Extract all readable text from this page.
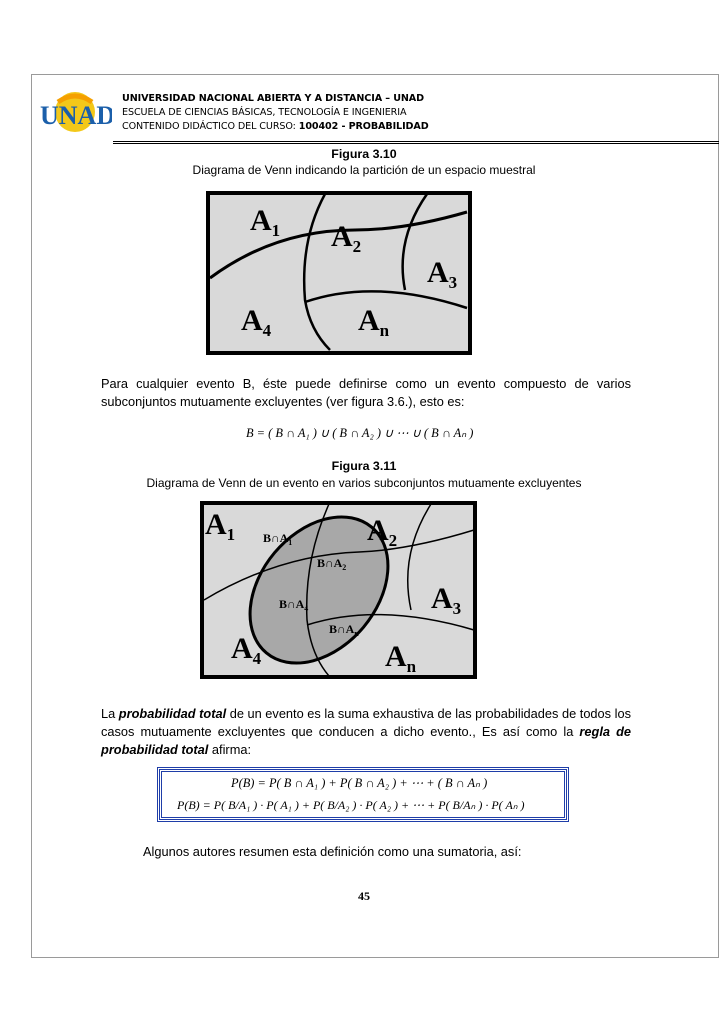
UNAD
UNIVERSIDAD NACIONAL ABIERTA Y A DISTANCIA – UNAD
ESCUELA DE CIENCIAS BÁSICAS, TECNOLOGÍA E INGENIERIA
CONTENIDO DIDÁCTICO DEL CURSO: 100402 - PROBABILIDAD
Figura 3.10
Diagrama de Venn indicando la partición de un espacio muestral
$A_1$ $A_2$
$A_3$
$A_4$	$A_n$
Para cualquier evento B, éste puede definirse como un evento compuesto de varios subconjuntos mutuamente excluyentes (ver figura 3.6.), esto es:
B = ( B ∩ A₁ ) ∪ ( B ∩ A₂ ) ∪ ⋯ ∪ ( B ∩ Aₙ )
Figura 3.11
Diagrama de Venn de un evento en varios subconjuntos mutuamente excluyentes
$A_1$	$A_2$
$A_3$
$A_4$	$A_n$
$B\cap A_1$
$B\cap A_2$
$B\cap A_4$
$B\cap A_n$
La probabilidad total de un evento es la suma exhaustiva de las probabilidades de todos los casos mutuamente excluyentes que conducen a dicho evento., Es así como la regla de probabilidad total afirma:
P(B) = P( B ∩ A₁ ) + P( B ∩ A₂ ) + ⋯ + ( B ∩ Aₙ )
P(B) = P( B/A₁ ) · P( A₁ ) + P( B/A₂ ) · P( A₂ ) + ⋯ + P( B/Aₙ ) · P( Aₙ )
Algunos autores resumen esta definición como una sumatoria, así:
45
